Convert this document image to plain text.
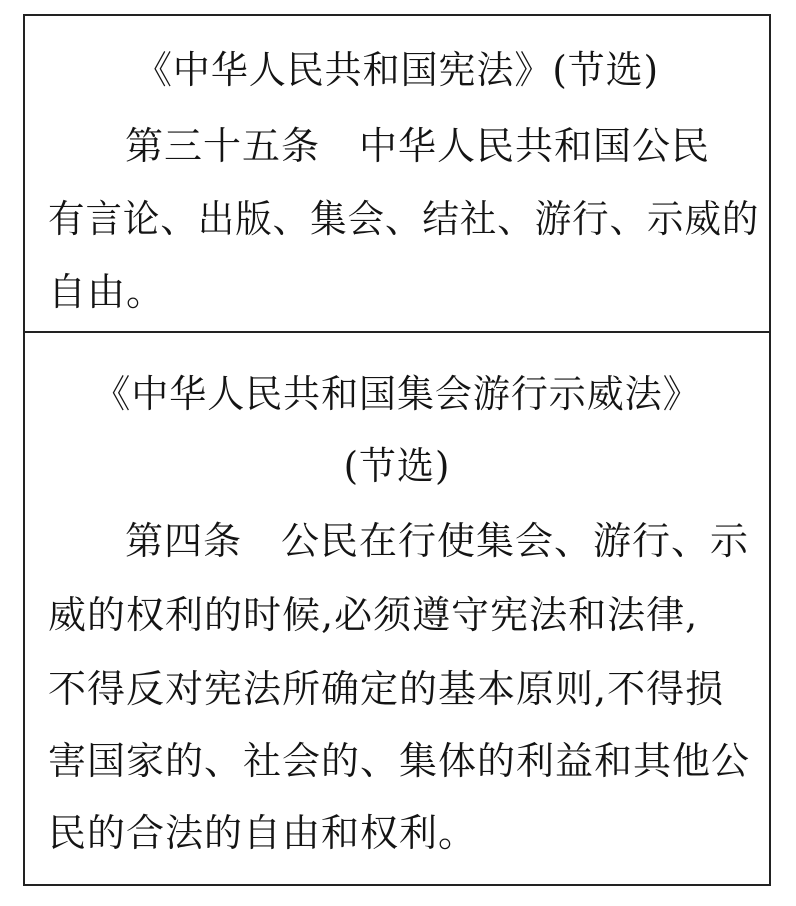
《中华人民共和国宪法》(节选)
第三十五条　中华人民共和国公民
有言论、出版、集会、结社、游行、示威的
自由。
《中华人民共和国集会游行示威法》
(节选)
第四条　公民在行使集会、游行、示
威的权利的时候,必须遵守宪法和法律,
不得反对宪法所确定的基本原则,不得损
害国家的、社会的、集体的利益和其他公
民的合法的自由和权利。
